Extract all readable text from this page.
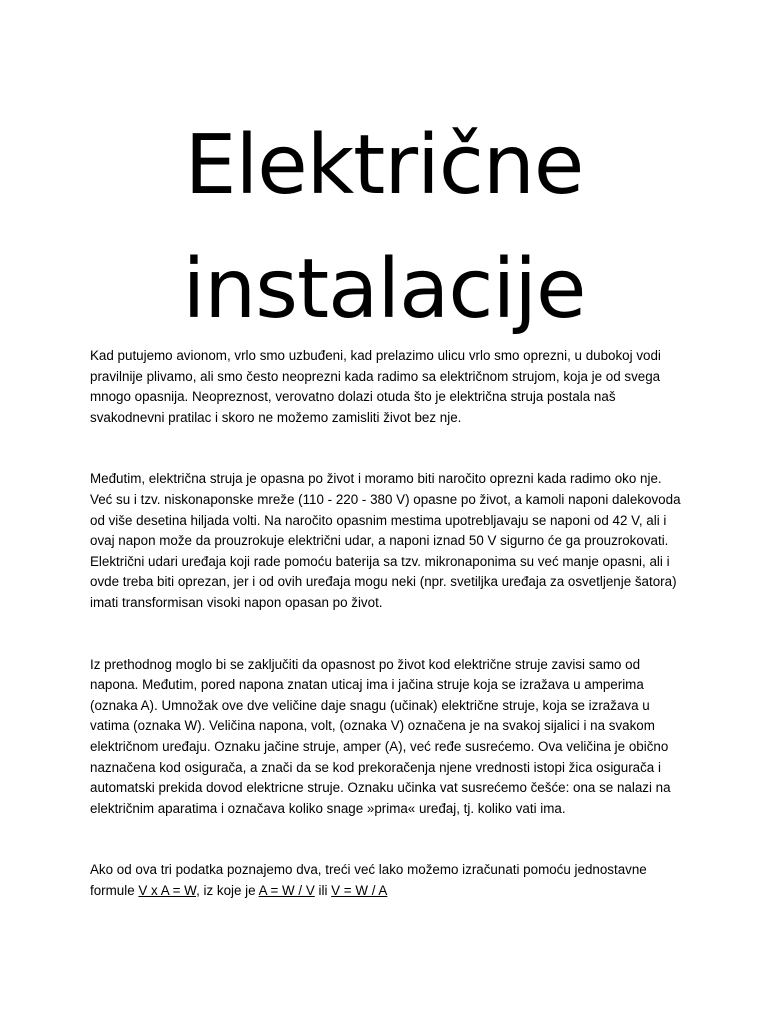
Električne
instalacije

Kad putujemo avionom, vrlo smo uzbuđeni, kad prelazimo ulicu vrlo smo oprezni, u dubokoj vodi pravilnije plivamo, ali smo često neoprezni kada radimo sa električnom strujom, koja je od svega mnogo opasnija. Neopreznost, verovatno dolazi otuda što je električna struja postala naš svakodnevni pratilac i skoro ne možemo zamisliti život bez nje.

Međutim, električna struja je opasna po život i moramo biti naročito oprezni kada radimo oko nje. Već su i tzv. niskonaponske mreže (110 - 220 - 380 V) opasne po život, a kamoli naponi dalekovoda od više desetina hiljada volti. Na naročito opasnim mestima upotrebljavaju se naponi od 42 V, ali i ovaj napon može da prouzrokuje električni udar, a naponi iznad 50 V sigurno će ga prouzrokovati. Električni udari uređaja koji rade pomoću baterija sa tzv. mikronaponima su već manje opasni, ali i ovde treba biti oprezan, jer i od ovih uređaja mogu neki (npr. svetiljka uređaja za osvetljenje šatora) imati transformisan visoki napon opasan po život.

Iz prethodnog moglo bi se zaključiti da opasnost po život kod električne struje zavisi samo od napona. Međutim, pored napona znatan uticaj ima i jačina struje koja se izražava u amperima (oznaka A). Umnožak ove dve veličine daje snagu (učinak) električne struje, koja se izražava u vatima (oznaka W). Veličina napona, volt, (oznaka V) označena je na svakoj sijalici i na svakom električnom uređaju. Oznaku jačine struje, amper (A), već ređe susrećemo. Ova veličina je obično naznačena kod osigurača, a znači da se kod prekoračenja njene vrednosti istopi žica osigurača i automatski prekida dovod elektricne struje. Oznaku učinka vat susrećemo češće: ona se nalazi na električnim aparatima i označava koliko snage »prima« uređaj, tj. koliko vati ima.

Ako od ova tri podatka poznajemo dva, treći već lako možemo izračunati pomoću jednostavne formule V x A = W, iz koje je A = W / V ili V = W / A
